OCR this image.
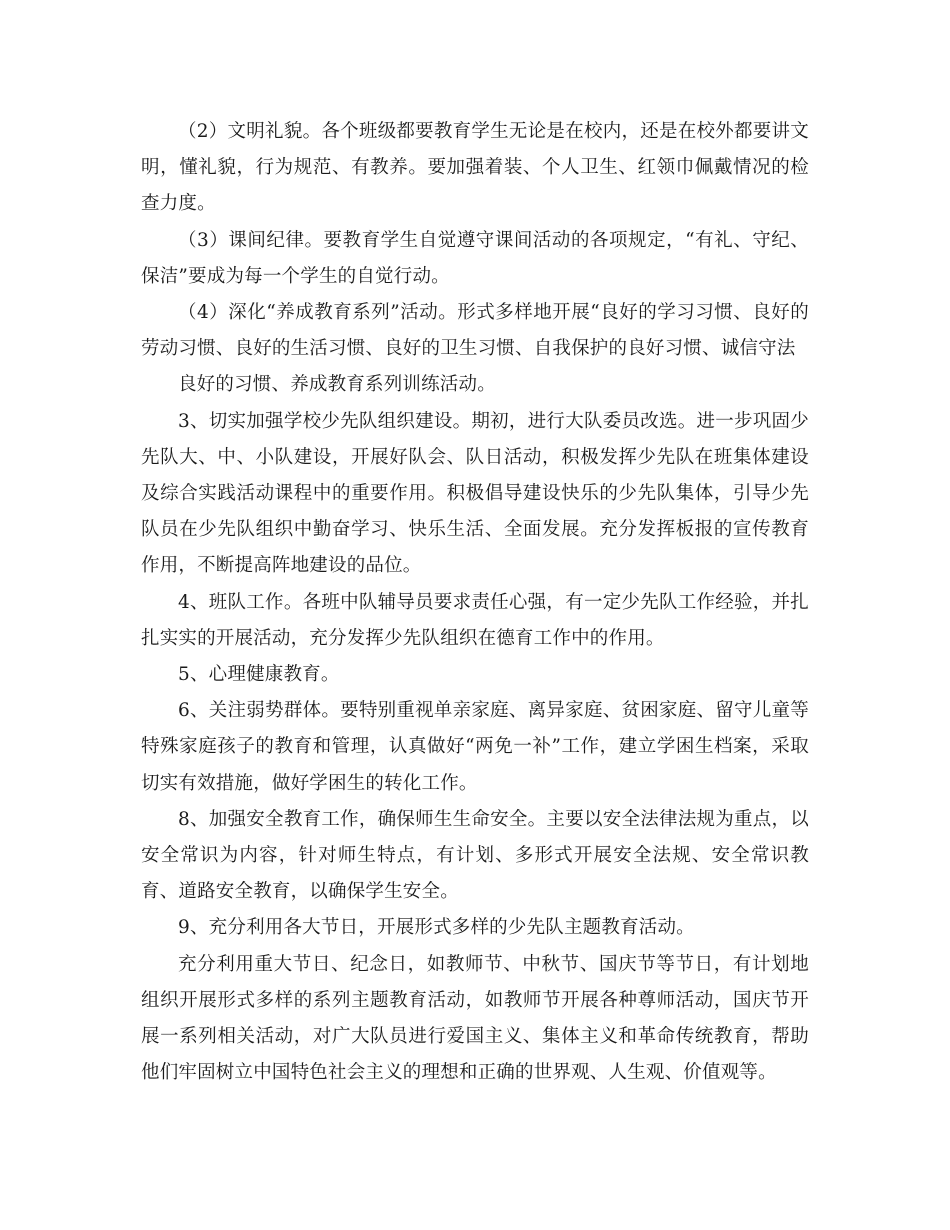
（2）文明礼貌。各个班级都要教育学生无论是在校内，还是在校外都要讲文明，懂礼貌，行为规范、有教养。要加强着装、个人卫生、红领巾佩戴情况的检查力度。

（3）课间纪律。要教育学生自觉遵守课间活动的各项规定，“有礼、守纪、保洁”要成为每一个学生的自觉行动。

（4）深化“养成教育系列”活动。形式多样地开展“良好的学习习惯、良好的劳动习惯、良好的生活习惯、良好的卫生习惯、自我保护的良好习惯、诚信守法

良好的习惯、养成教育系列训练活动。

3、切实加强学校少先队组织建设。期初，进行大队委员改选。进一步巩固少先队大、中、小队建设，开展好队会、队日活动，积极发挥少先队在班集体建设及综合实践活动课程中的重要作用。积极倡导建设快乐的少先队集体，引导少先队员在少先队组织中勤奋学习、快乐生活、全面发展。充分发挥板报的宣传教育作用，不断提高阵地建设的品位。

4、班队工作。各班中队辅导员要求责任心强，有一定少先队工作经验，并扎扎实实的开展活动，充分发挥少先队组织在德育工作中的作用。

5、心理健康教育。

6、关注弱势群体。要特别重视单亲家庭、离异家庭、贫困家庭、留守儿童等特殊家庭孩子的教育和管理，认真做好“两免一补”工作，建立学困生档案，采取切实有效措施，做好学困生的转化工作。

8、加强安全教育工作，确保师生生命安全。主要以安全法律法规为重点，以安全常识为内容，针对师生特点，有计划、多形式开展安全法规、安全常识教育、道路安全教育，以确保学生安全。

9、充分利用各大节日，开展形式多样的少先队主题教育活动。

充分利用重大节日、纪念日，如教师节、中秋节、国庆节等节日，有计划地组织开展形式多样的系列主题教育活动，如教师节开展各种尊师活动，国庆节开展一系列相关活动，对广大队员进行爱国主义、集体主义和革命传统教育，帮助他们牢固树立中国特色社会主义的理想和正确的世界观、人生观、价值观等。
